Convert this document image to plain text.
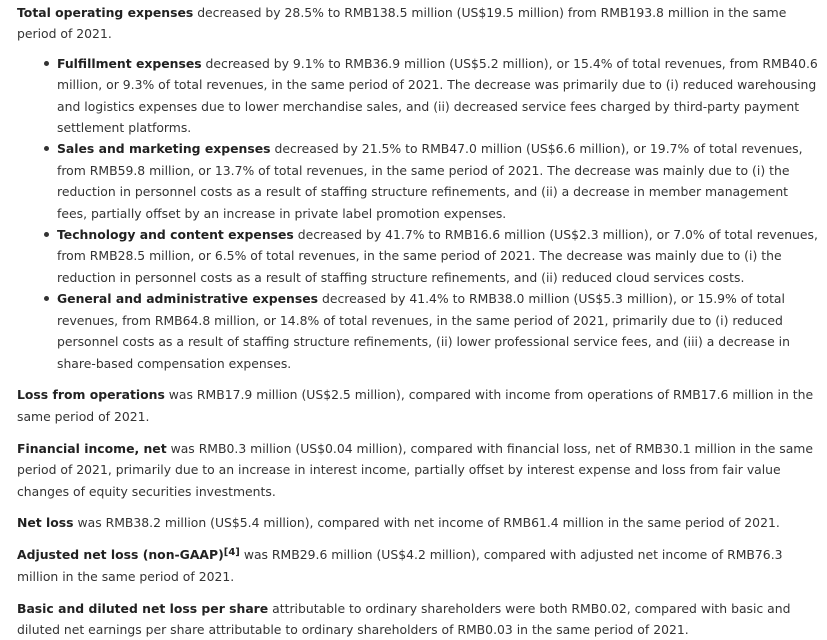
Total operating expenses decreased by 28.5% to RMB138.5 million (US$19.5 million) from RMB193.8 million in the same period of 2021.

Fulfillment expenses decreased by 9.1% to RMB36.9 million (US$5.2 million), or 15.4% of total revenues, from RMB40.6 million, or 9.3% of total revenues, in the same period of 2021. The decrease was primarily due to (i) reduced warehousing and logistics expenses due to lower merchandise sales, and (ii) decreased service fees charged by third-party payment settlement platforms.
Sales and marketing expenses decreased by 21.5% to RMB47.0 million (US$6.6 million), or 19.7% of total revenues, from RMB59.8 million, or 13.7% of total revenues, in the same period of 2021. The decrease was mainly due to (i) the reduction in personnel costs as a result of staffing structure refinements, and (ii) a decrease in member management fees, partially offset by an increase in private label promotion expenses.
Technology and content expenses decreased by 41.7% to RMB16.6 million (US$2.3 million), or 7.0% of total revenues, from RMB28.5 million, or 6.5% of total revenues, in the same period of 2021. The decrease was mainly due to (i) the reduction in personnel costs as a result of staffing structure refinements, and (ii) reduced cloud services costs.
General and administrative expenses decreased by 41.4% to RMB38.0 million (US$5.3 million), or 15.9% of total revenues, from RMB64.8 million, or 14.8% of total revenues, in the same period of 2021, primarily due to (i) reduced personnel costs as a result of staffing structure refinements, (ii) lower professional service fees, and (iii) a decrease in share-based compensation expenses.

Loss from operations was RMB17.9 million (US$2.5 million), compared with income from operations of RMB17.6 million in the same period of 2021.

Financial income, net was RMB0.3 million (US$0.04 million), compared with financial loss, net of RMB30.1 million in the same period of 2021, primarily due to an increase in interest income, partially offset by interest expense and loss from fair value changes of equity securities investments.

Net loss was RMB38.2 million (US$5.4 million), compared with net income of RMB61.4 million in the same period of 2021.

Adjusted net loss (non-GAAP)[4] was RMB29.6 million (US$4.2 million), compared with adjusted net income of RMB76.3 million in the same period of 2021.

Basic and diluted net loss per share attributable to ordinary shareholders were both RMB0.02, compared with basic and diluted net earnings per share attributable to ordinary shareholders of RMB0.03 in the same period of 2021.
